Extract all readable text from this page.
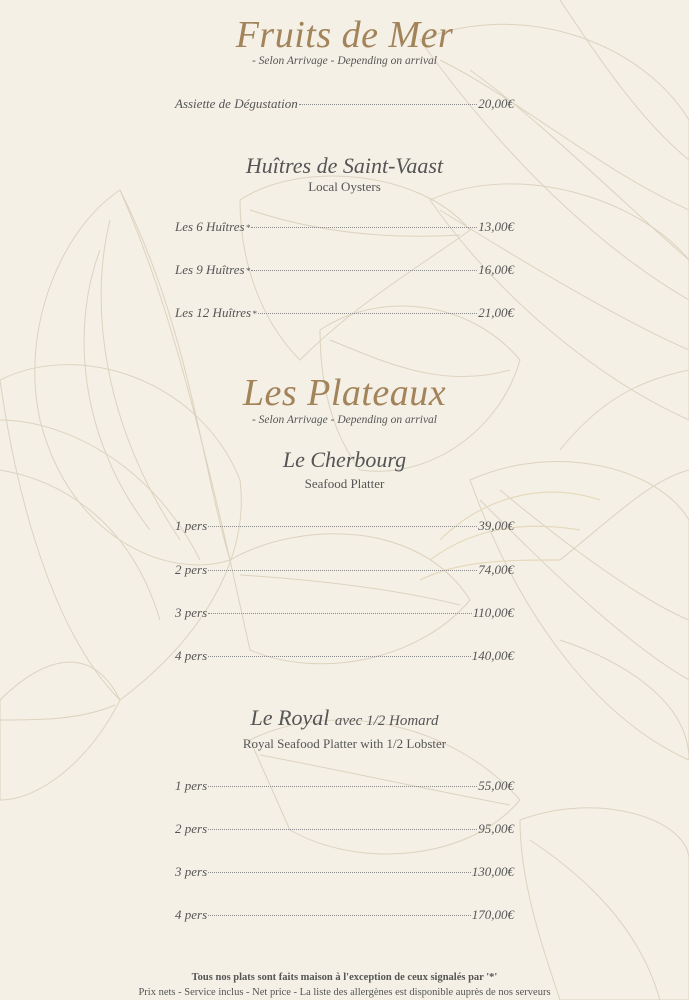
Fruits de Mer
- Selon Arrivage - Depending on arrival
Assiette de Dégustation	20,00€
Huîtres de Saint-Vaast
Local Oysters
Les 6 Huîtres *	13,00€
Les 9 Huîtres *	16,00€
Les 12 Huîtres *	21,00€
Les Plateaux
- Selon Arrivage - Depending on arrival
Le Cherbourg
Seafood Platter
1 pers	39,00€
2 pers	74,00€
3 pers	110,00€
4 pers	140,00€
Le Royal avec 1/2 Homard
Royal Seafood Platter with 1/2 Lobster
1 pers	55,00€
2 pers	95,00€
3 pers	130,00€
4 pers	170,00€
Tous nos plats sont faits maison à l'exception de ceux signalés par '*'
Prix nets - Service inclus - Net price - La liste des allergènes est disponible auprès de nos serveurs
